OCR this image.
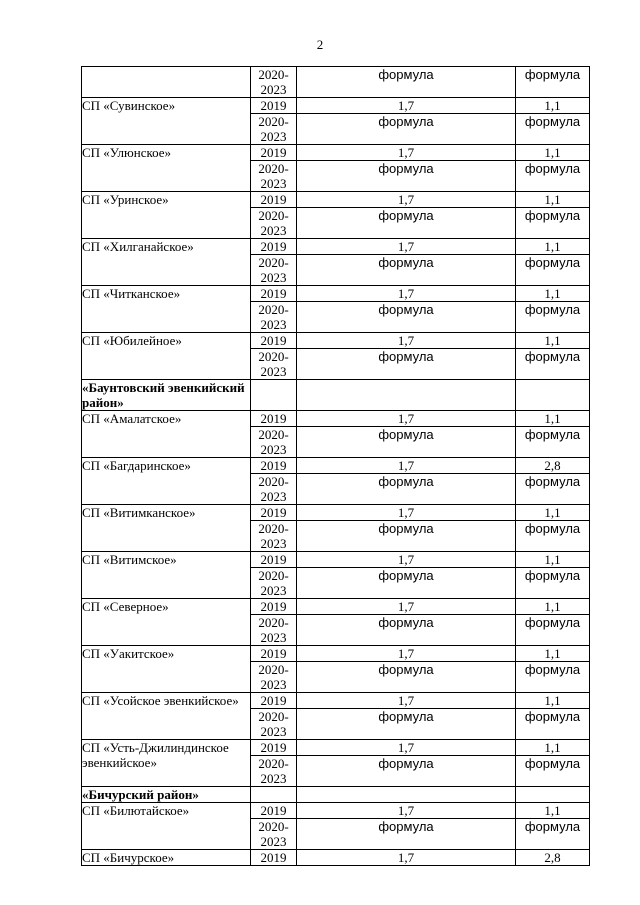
2
	2020-2023	формула	формула
СП «Сувинское»	2019	1,7	1,1
	2020-2023	формула	формула
СП «Улюнское»	2019	1,7	1,1
	2020-2023	формула	формула
СП «Уринское»	2019	1,7	1,1
	2020-2023	формула	формула
СП «Хилганайское»	2019	1,7	1,1
	2020-2023	формула	формула
СП «Читканское»	2019	1,7	1,1
	2020-2023	формула	формула
СП «Юбилейное»	2019	1,7	1,1
	2020-2023	формула	формула
«Баунтовский эвенкийский район»			
СП «Амалатское»	2019	1,7	1,1
	2020-2023	формула	формула
СП «Багдаринское»	2019	1,7	2,8
	2020-2023	формула	формула
СП «Витимканское»	2019	1,7	1,1
	2020-2023	формула	формула
СП «Витимское»	2019	1,7	1,1
	2020-2023	формула	формула
СП «Северное»	2019	1,7	1,1
	2020-2023	формула	формула
СП «Уакитское»	2019	1,7	1,1
	2020-2023	формула	формула
СП «Усойское эвенкийское»	2019	1,7	1,1
	2020-2023	формула	формула
СП «Усть-Джилиндинское эвенкийское»	2019	1,7	1,1
	2020-2023	формула	формула
«Бичурский район»			
СП «Билютайское»	2019	1,7	1,1
	2020-2023	формула	формула
СП «Бичурское»	2019	1,7	2,8
